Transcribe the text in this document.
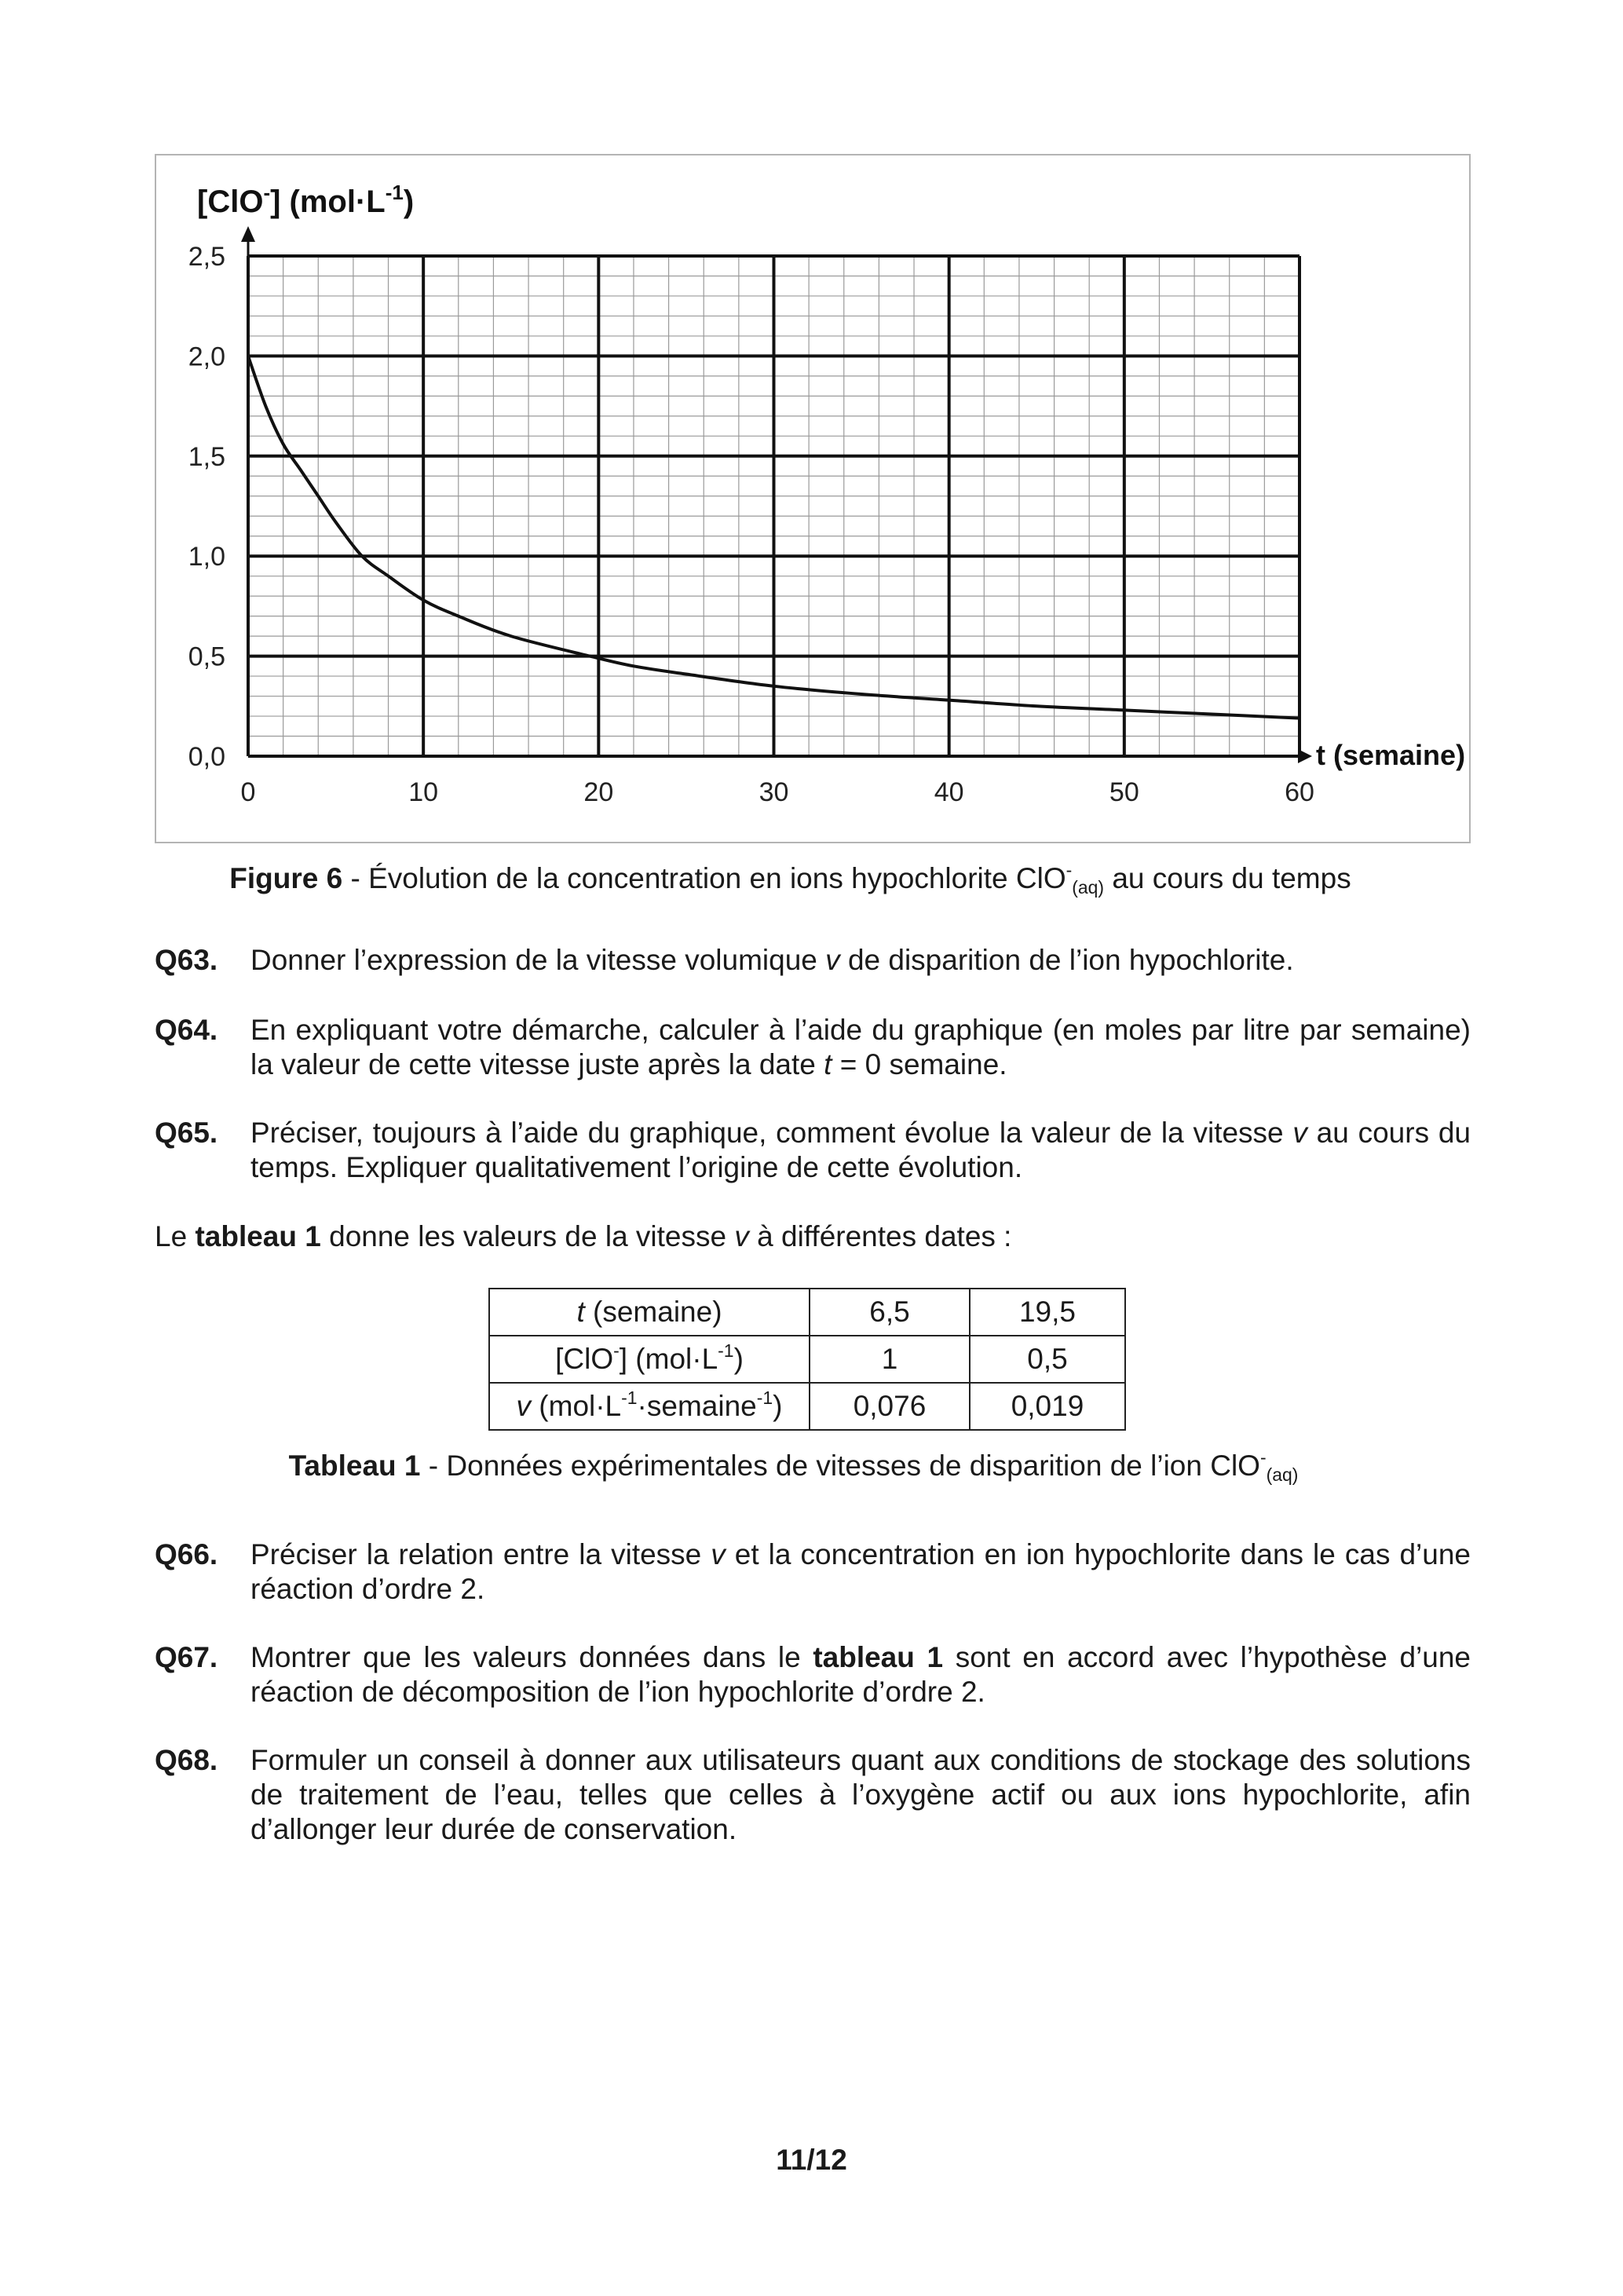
0,0
0,5
1,0
1,5
2,0
2,5
0	10	20	30	40	50	60
[ClO-] $(mol\cdot L^{-1})$
t (semaine)
Figure 6 - Évolution de la concentration en ions hypochlorite ClO-$_{(aq)}$ au cours du temps
Q63. Donner l’expression de la vitesse volumique v de disparition de l’ion hypochlorite.
Q64. En expliquant votre démarche, calculer à l’aide du graphique (en moles par litre par semaine) la valeur de cette vitesse juste après la date t = 0 semaine.
Q65. Préciser, toujours à l’aide du graphique, comment évolue la valeur de la vitesse v au cours du temps. Expliquer qualitativement l’origine de cette évolution.
Le tableau 1 donne les valeurs de la vitesse v à différentes dates :
t (semaine)	6,5	19,5
[ClO-] $(mol\cdot L^{-1})$	1	0,5
v $(mol\cdot L^{-1}\cdot semaine^{-1})$	0,076	0,019
Tableau 1 - Données expérimentales de vitesses de disparition de l’ion ClO-$_{(aq)}$
Q66. Préciser la relation entre la vitesse v et la concentration en ion hypochlorite dans le cas d’une réaction d’ordre 2.
Q67. Montrer que les valeurs données dans le tableau 1 sont en accord avec l’hypothèse d’une réaction de décomposition de l’ion hypochlorite d’ordre 2.
Q68. Formuler un conseil à donner aux utilisateurs quant aux conditions de stockage des solutions de traitement de l’eau, telles que celles à l’oxygène actif ou aux ions hypochlorite, afin d’allonger leur durée de conservation.
11/12
